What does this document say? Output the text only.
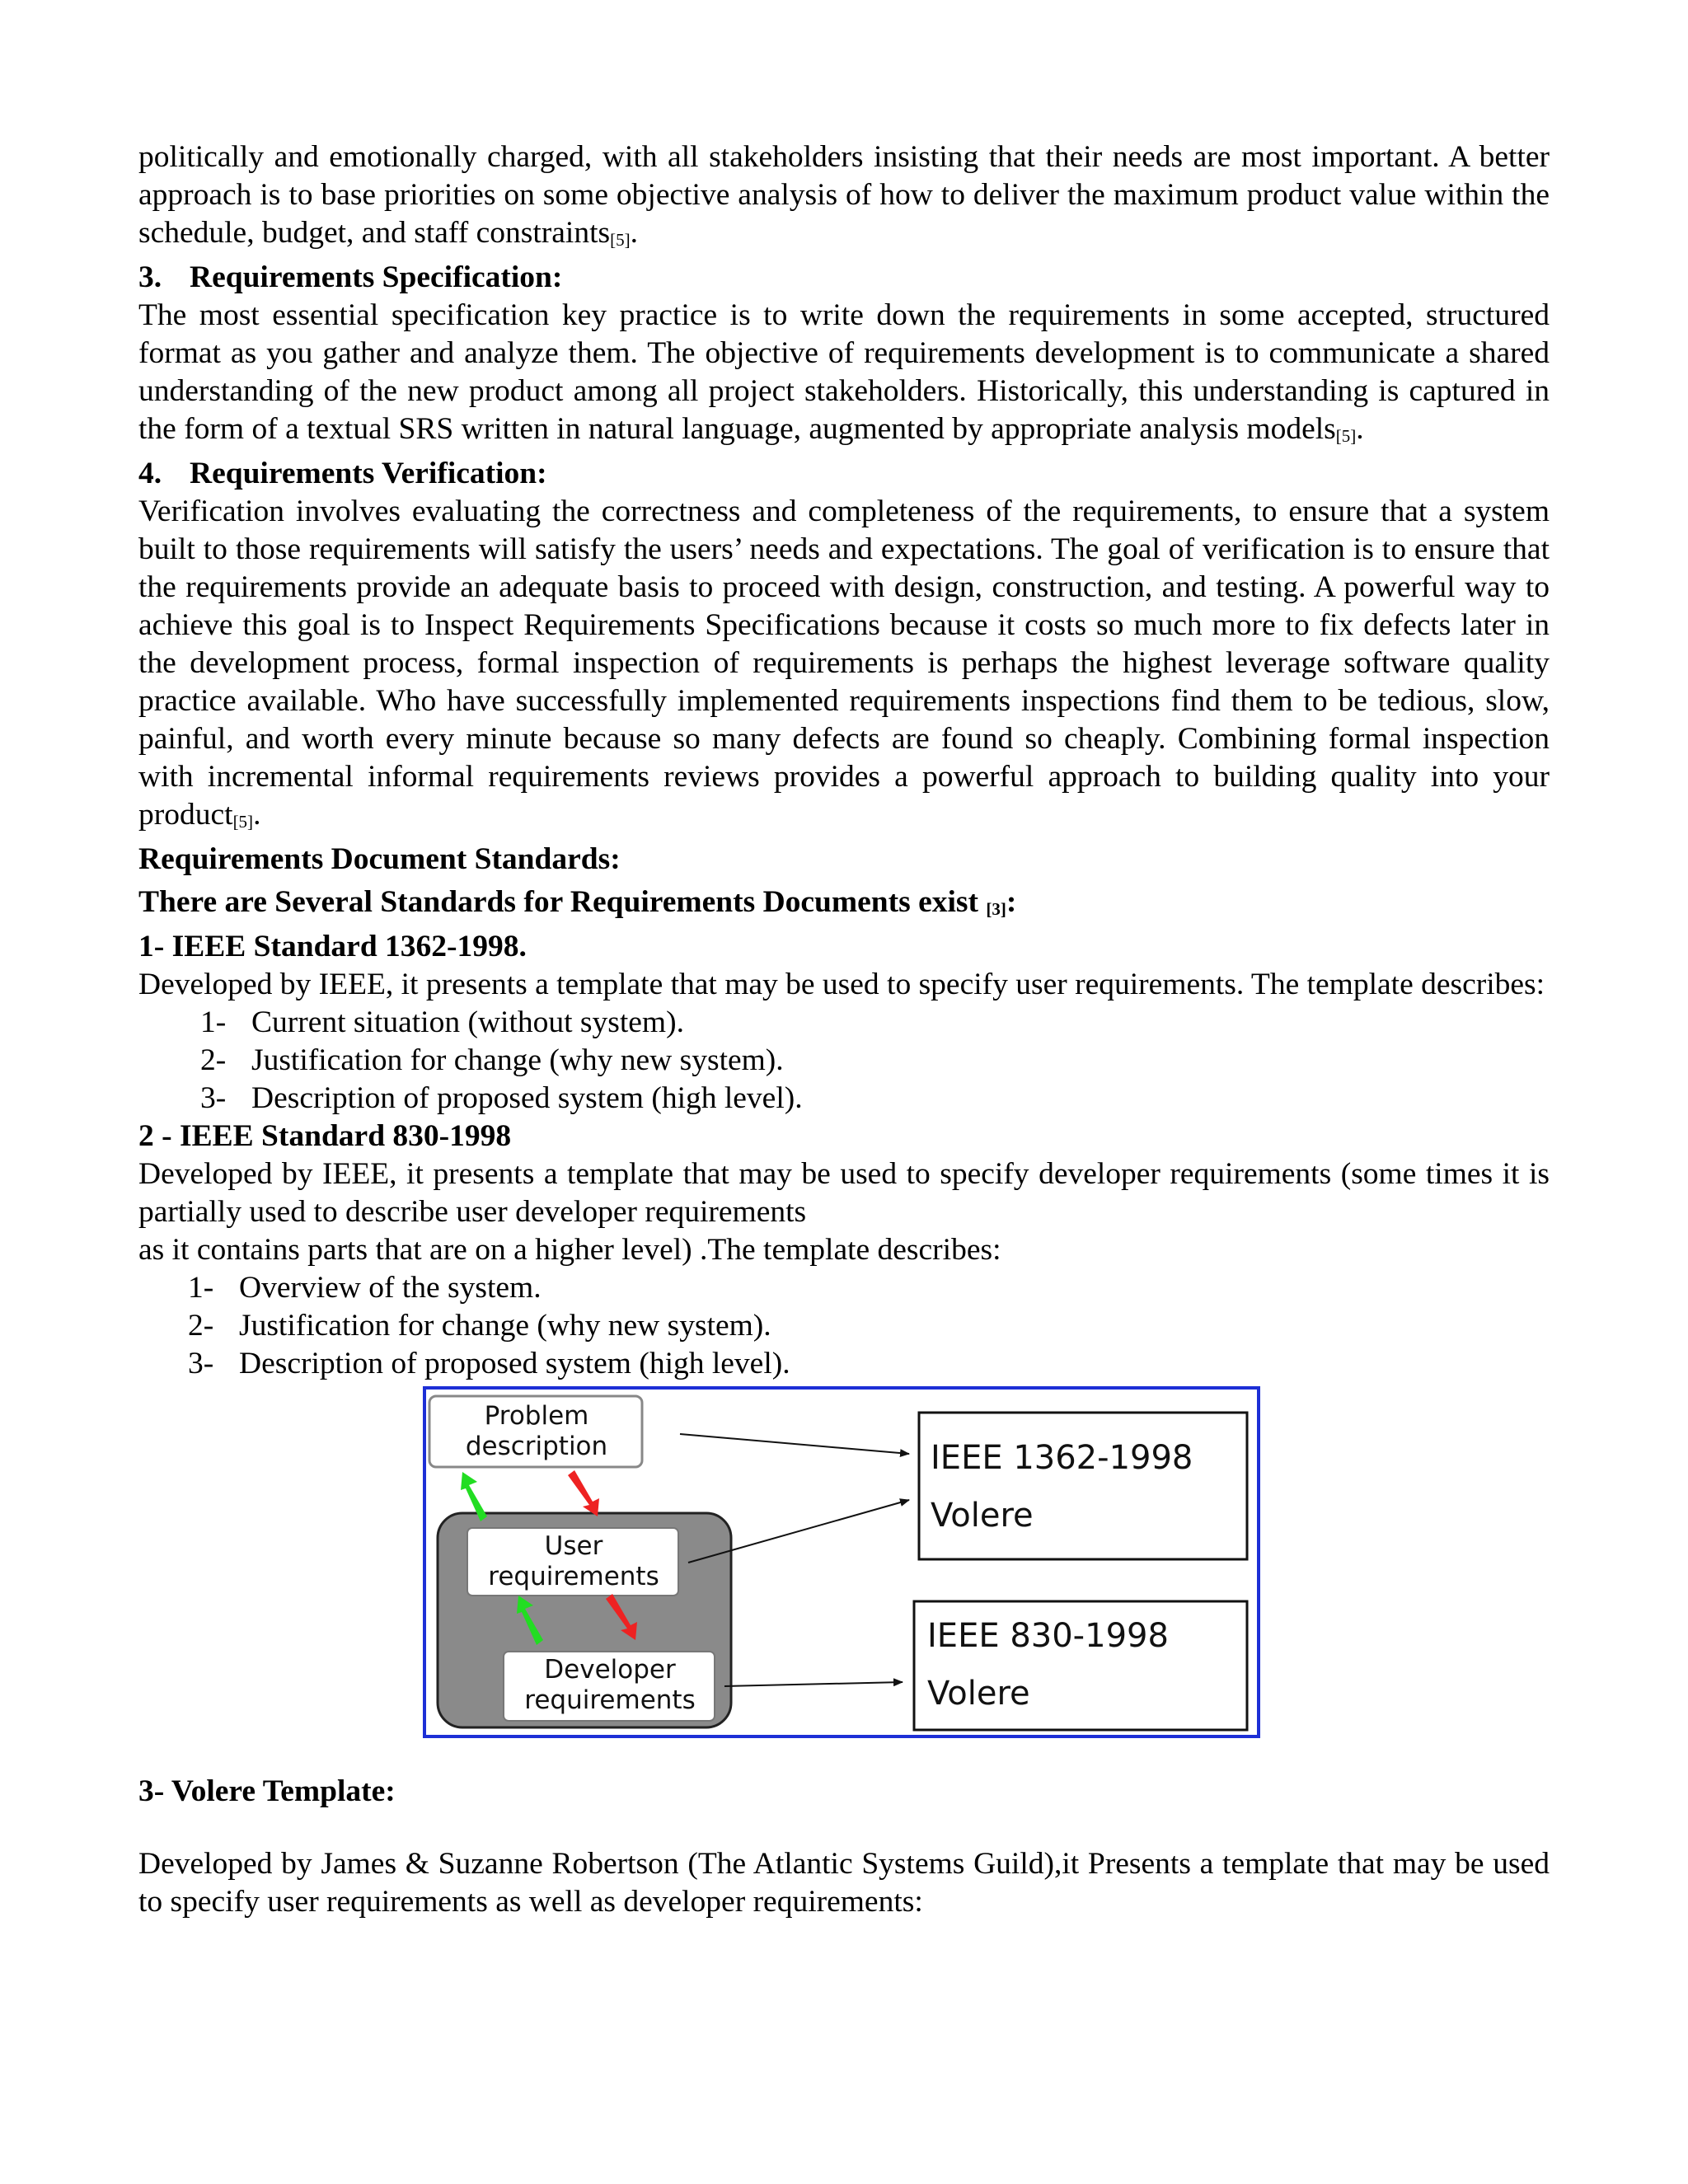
politically and emotionally charged, with all stakeholders insisting that their needs are most important. A better approach is to base priorities on some objective analysis of how to deliver the maximum product value within the schedule, budget, and staff constraints[5].

3. Requirements Specification:

The most essential specification key practice is to write down the requirements in some accepted, structured format as you gather and analyze them. The objective of requirements development is to communicate a shared understanding of the new product among all project stakeholders. Historically, this understanding is captured in the form of a textual SRS written in natural language, augmented by appropriate analysis models[5].

4. Requirements Verification:

Verification involves evaluating the correctness and completeness of the requirements, to ensure that a system built to those requirements will satisfy the users’ needs and expectations. The goal of verification is to ensure that the requirements provide an adequate basis to proceed with design, construction, and testing. A powerful way to achieve this goal is to Inspect Requirements Specifications because it costs so much more to fix defects later in the development process, formal inspection of requirements is perhaps the highest leverage software quality practice available. Who have successfully implemented requirements inspections find them to be tedious, slow, painful, and worth every minute because so many defects are found so cheaply. Combining formal inspection with incremental informal requirements reviews provides a powerful approach to building quality into your product[5].

Requirements Document Standards:

There are Several Standards for Requirements Documents exist [3]:

1- IEEE Standard 1362-1998.

Developed by IEEE, it presents a template that may be used to specify user requirements. The template describes:

1- Current situation (without system).
2- Justification for change (why new system).
3- Description of proposed system (high level).

2 - IEEE Standard 830-1998

Developed by IEEE, it presents a template that may be used to specify developer requirements (some times it is partially used to describe user developer requirements

as it contains parts that are on a higher level) .The template describes:

1- Overview of the system.
2- Justification for change (why new system).
3- Description of proposed system (high level).
Problem
description
User
requirements
Developer
requirements
IEEE 1362-1998
Volere
IEEE 830-1998
Volere

3- Volere Template:

Developed by James & Suzanne Robertson (The Atlantic Systems Guild),it Presents a template that may be used to specify user requirements as well as developer requirements:
